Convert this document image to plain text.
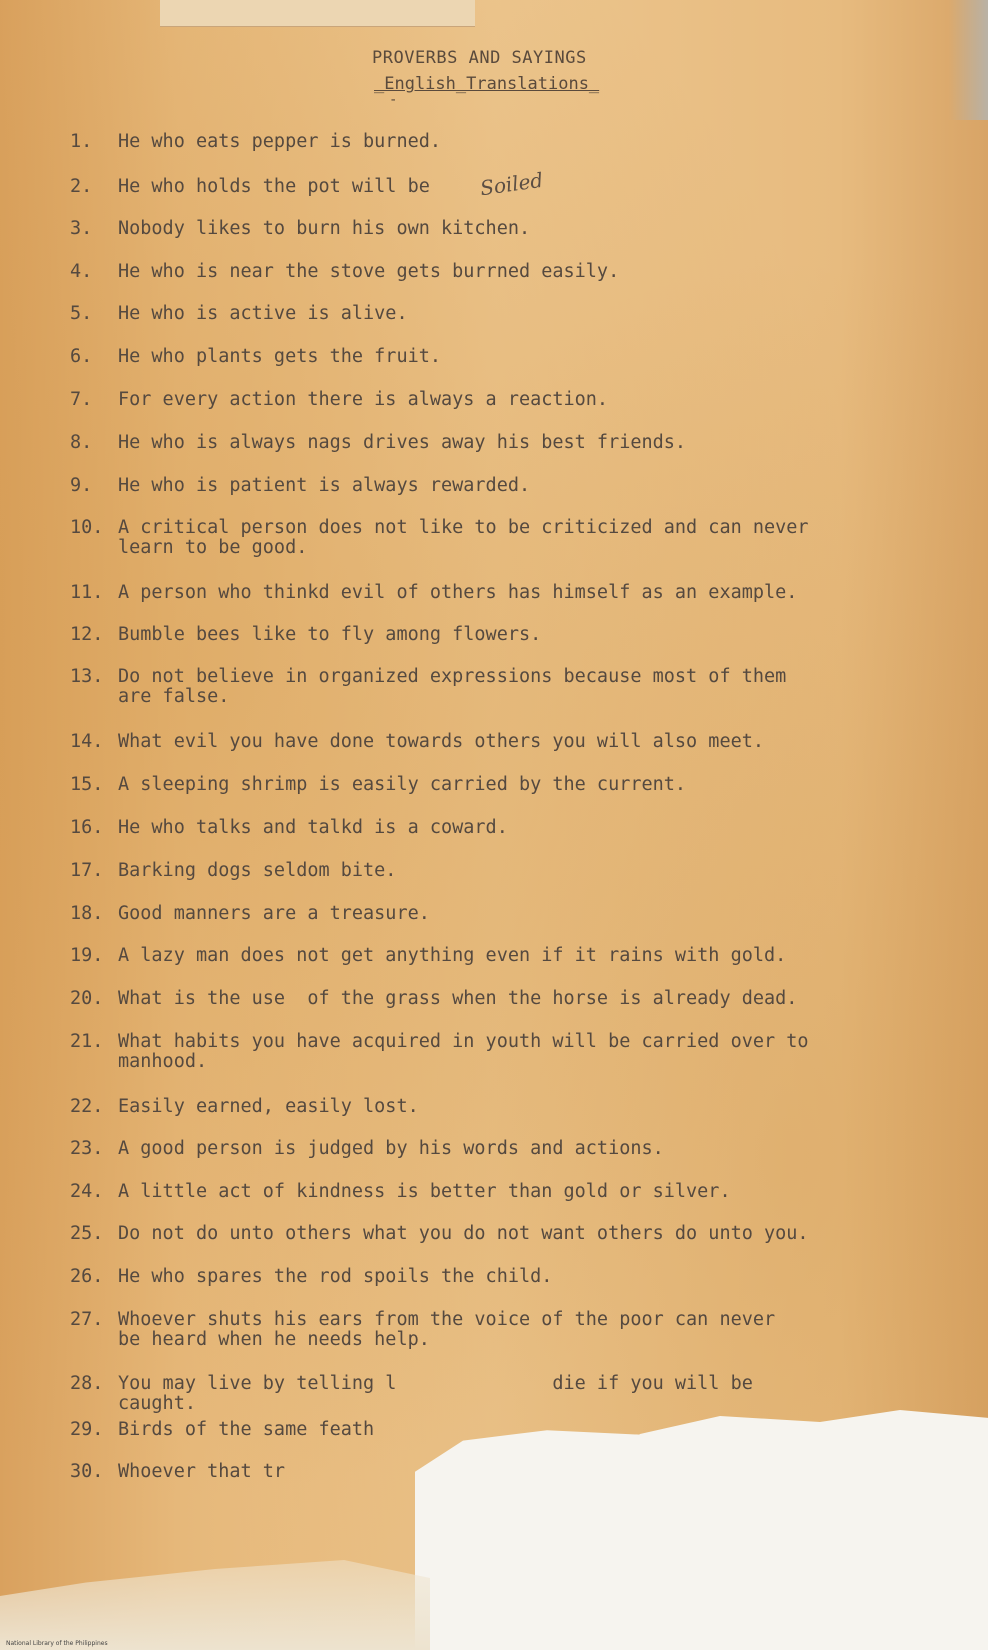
PROVERBS AND SAYINGS
_English_Translations_
-
Soiled
1. He who eats pepper is burned.
2. He who holds the pot will be
3. Nobody likes to burn his own kitchen.
4. He who is near the stove gets burrned easily.
5. He who is active is alive.
6. He who plants gets the fruit.
7. For every action there is always a reaction.
8. He who is always nags drives away his best friends.
9. He who is patient is always rewarded.
10. A critical person does not like to be criticized and can never
learn to be good.
11. A person who thinkd evil of others has himself as an example.
12. Bumble bees like to fly among flowers.
13. Do not believe in organized expressions because most of them
are false.
14. What evil you have done towards others you will also meet.
15. A sleeping shrimp is easily carried by the current.
16. He who talks and talkd is a coward.
17. Barking dogs seldom bite.
18. Good manners are a treasure.
19. A lazy man does not get anything even if it rains with gold.
20. What is the use  of the grass when the horse is already dead.
21. What habits you have acquired in youth will be carried over to
manhood.
22. Easily earned, easily lost.
23. A good person is judged by his words and actions.
24. A little act of kindness is better than gold or silver.
25. Do not do unto others what you do not want others do unto you.
26. He who spares the rod spoils the child.
27. Whoever shuts his ears from the voice of the poor can never
be heard when he needs help.
28. You may live by telling l              die if you will be
caught.
29. Birds of the same feath
30. Whoever that tr
National Library of the Philippines
